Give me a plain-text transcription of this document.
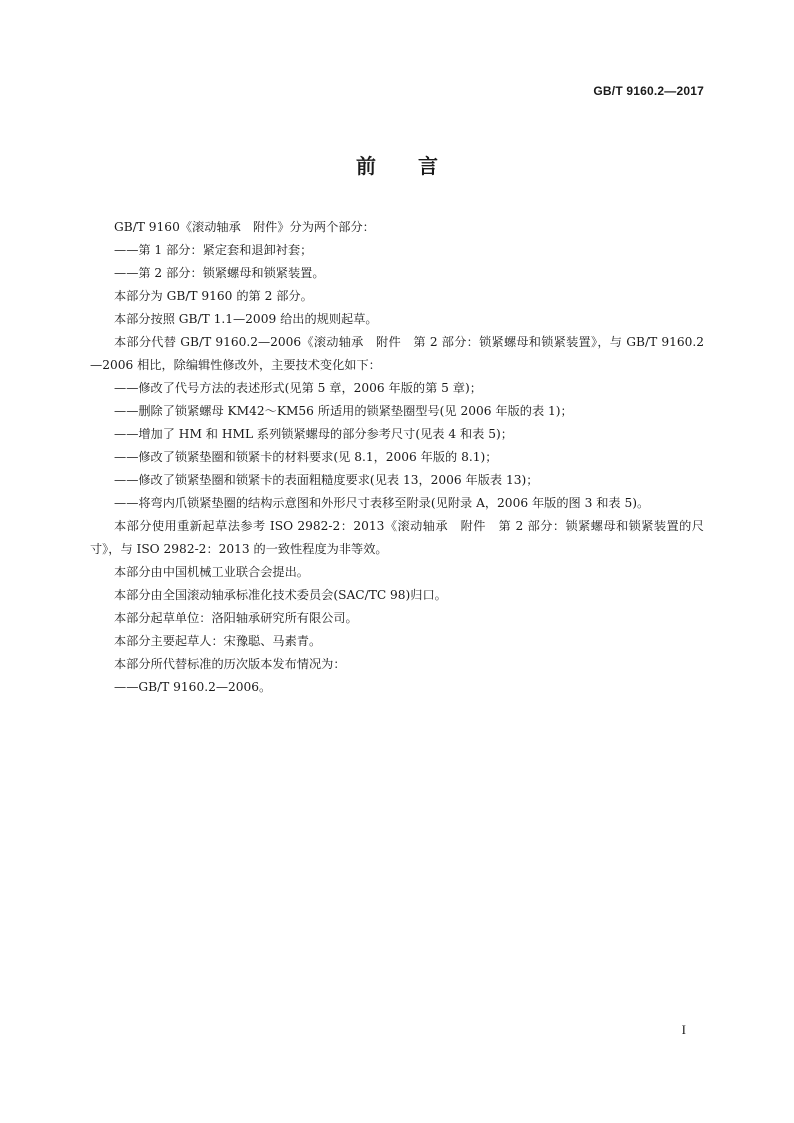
GB/T 9160.2—2017
前言

GB/T 9160《滚动轴承　附件》分为两个部分：

——第 1 部分：紧定套和退卸衬套；

——第 2 部分：锁紧螺母和锁紧装置。

本部分为 GB/T 9160 的第 2 部分。

本部分按照 GB/T 1.1—2009 给出的规则起草。

本部分代替 GB/T 9160.2—2006《滚动轴承　附件　第 2 部分：锁紧螺母和锁紧装置》，与 GB/T 9160.2—2006 相比，除编辑性修改外，主要技术变化如下：

——修改了代号方法的表述形式(见第 5 章，2006 年版的第 5 章)；

——删除了锁紧螺母 KM42～KM56 所适用的锁紧垫圈型号(见 2006 年版的表 1)；

——增加了 HM 和 HML 系列锁紧螺母的部分参考尺寸(见表 4 和表 5)；

——修改了锁紧垫圈和锁紧卡的材料要求(见 8.1，2006 年版的 8.1)；

——修改了锁紧垫圈和锁紧卡的表面粗糙度要求(见表 13，2006 年版表 13)；

——将弯内爪锁紧垫圈的结构示意图和外形尺寸表移至附录(见附录 A，2006 年版的图 3 和表 5)。

本部分使用重新起草法参考 ISO 2982-2：2013《滚动轴承　附件　第 2 部分：锁紧螺母和锁紧装置的尺寸》，与 ISO 2982-2：2013 的一致性程度为非等效。

本部分由中国机械工业联合会提出。

本部分由全国滚动轴承标准化技术委员会(SAC/TC 98)归口。

本部分起草单位：洛阳轴承研究所有限公司。

本部分主要起草人：宋豫聪、马素青。

本部分所代替标准的历次版本发布情况为：

——GB/T 9160.2—2006。

I
